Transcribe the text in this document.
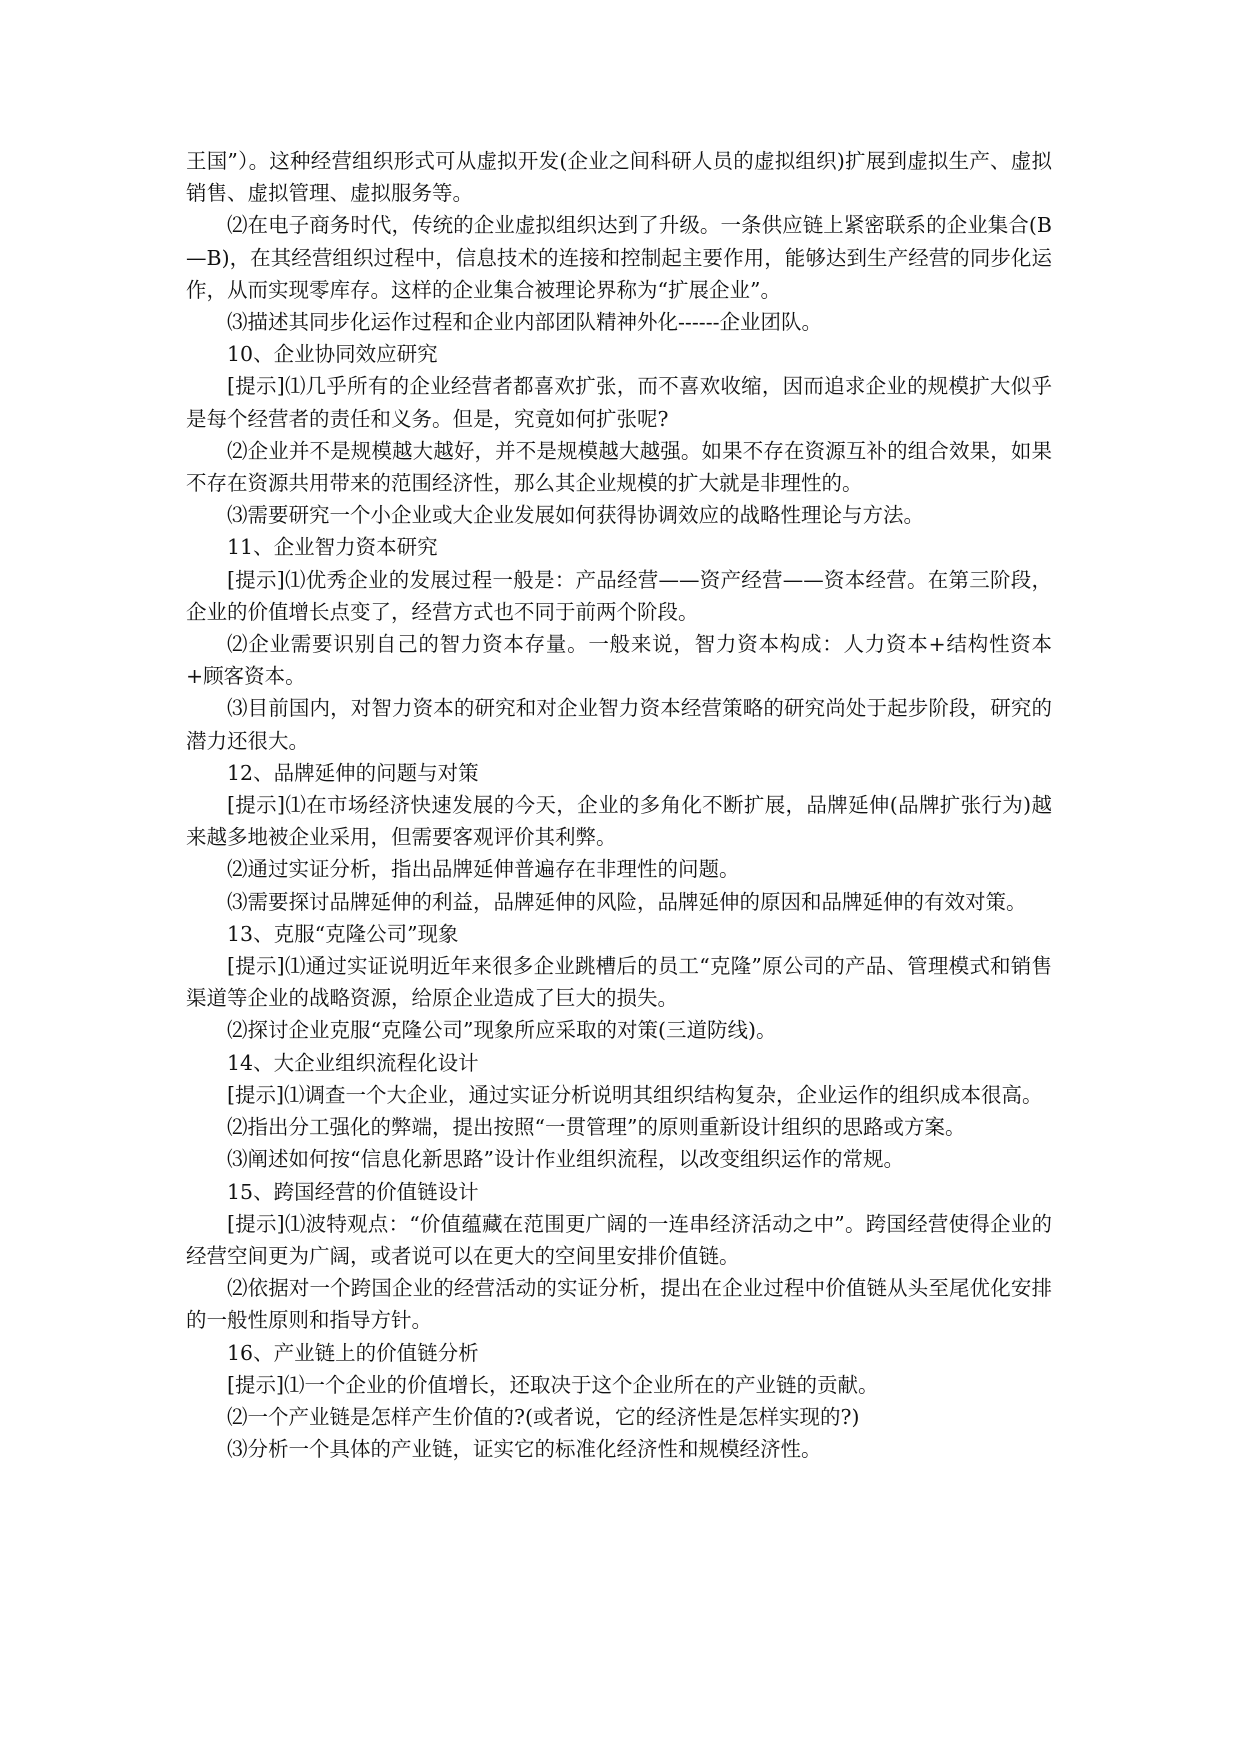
王国”）。这种经营组织形式可从虚拟开发(企业之间科研人员的虚拟组织)扩展到虚拟生产、虚拟销售、虚拟管理、虚拟服务等。

⑵在电子商务时代，传统的企业虚拟组织达到了升级。一条供应链上紧密联系的企业集合(B—B)，在其经营组织过程中，信息技术的连接和控制起主要作用，能够达到生产经营的同步化运作，从而实现零库存。这样的企业集合被理论界称为“扩展企业”。

⑶描述其同步化运作过程和企业内部团队精神外化------企业团队。

10、企业协同效应研究

[提示]⑴几乎所有的企业经营者都喜欢扩张，而不喜欢收缩，因而追求企业的规模扩大似乎是每个经营者的责任和义务。但是，究竟如何扩张呢?

⑵企业并不是规模越大越好，并不是规模越大越强。如果不存在资源互补的组合效果，如果不存在资源共用带来的范围经济性，那么其企业规模的扩大就是非理性的。

⑶需要研究一个小企业或大企业发展如何获得协调效应的战略性理论与方法。

11、企业智力资本研究

[提示]⑴优秀企业的发展过程一般是：产品经营——资产经营——资本经营。在第三阶段，企业的价值增长点变了，经营方式也不同于前两个阶段。

⑵企业需要识别自己的智力资本存量。一般来说，智力资本构成：人力资本+结构性资本+顾客资本。

⑶目前国内，对智力资本的研究和对企业智力资本经营策略的研究尚处于起步阶段，研究的潜力还很大。

12、品牌延伸的问题与对策

[提示]⑴在市场经济快速发展的今天，企业的多角化不断扩展，品牌延伸(品牌扩张行为)越来越多地被企业采用，但需要客观评价其利弊。

⑵通过实证分析，指出品牌延伸普遍存在非理性的问题。

⑶需要探讨品牌延伸的利益，品牌延伸的风险，品牌延伸的原因和品牌延伸的有效对策。

13、克服“克隆公司”现象

[提示]⑴通过实证说明近年来很多企业跳槽后的员工“克隆”原公司的产品、管理模式和销售渠道等企业的战略资源，给原企业造成了巨大的损失。

⑵探讨企业克服“克隆公司”现象所应采取的对策(三道防线)。

14、大企业组织流程化设计

[提示]⑴调查一个大企业，通过实证分析说明其组织结构复杂，企业运作的组织成本很高。

⑵指出分工强化的弊端，提出按照“一贯管理”的原则重新设计组织的思路或方案。

⑶阐述如何按“信息化新思路”设计作业组织流程，以改变组织运作的常规。

15、跨国经营的价值链设计

[提示]⑴波特观点：“价值蕴藏在范围更广阔的一连串经济活动之中”。跨国经营使得企业的经营空间更为广阔，或者说可以在更大的空间里安排价值链。

⑵依据对一个跨国企业的经营活动的实证分析，提出在企业过程中价值链从头至尾优化安排的一般性原则和指导方针。

16、产业链上的价值链分析

[提示]⑴一个企业的价值增长，还取决于这个企业所在的产业链的贡献。

⑵一个产业链是怎样产生价值的?(或者说，它的经济性是怎样实现的?)

⑶分析一个具体的产业链，证实它的标准化经济性和规模经济性。
